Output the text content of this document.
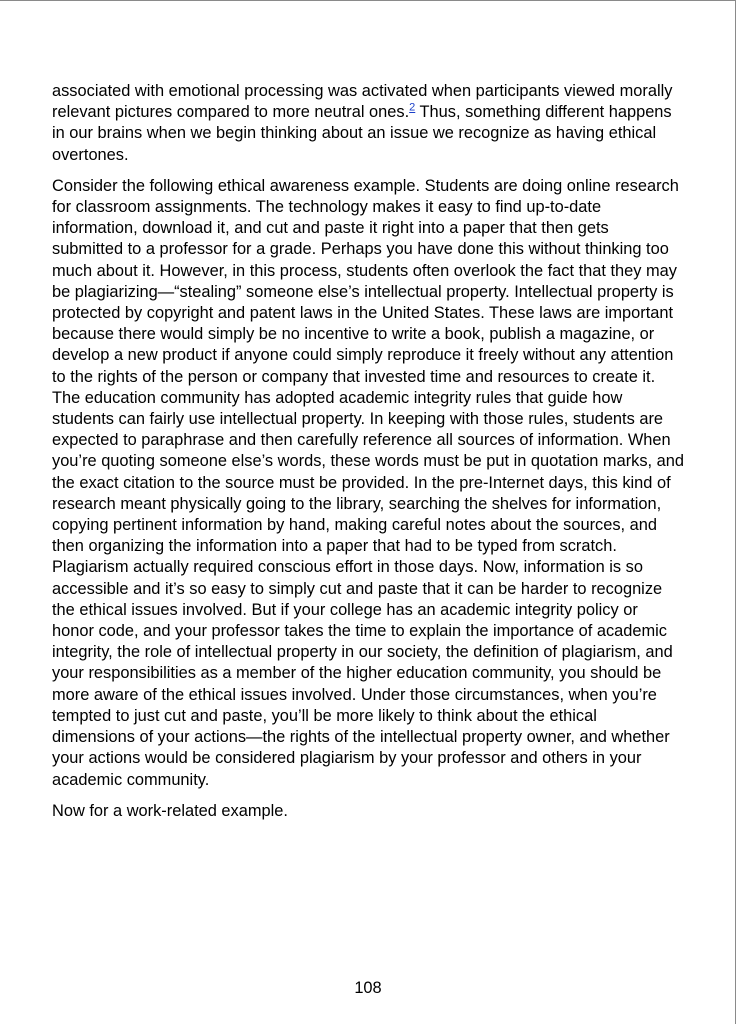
associated with emotional processing was activated when participants viewed morally relevant pictures compared to more neutral ones.$^2$ Thus, something different happens in our brains when we begin thinking about an issue we recognize as having ethical overtones.

Consider the following ethical awareness example. Students are doing online research for classroom assignments. The technology makes it easy to find up-to-date information, download it, and cut and paste it right into a paper that then gets submitted to a professor for a grade. Perhaps you have done this without thinking too much about it. However, in this process, students often overlook the fact that they may be plagiarizing—“stealing” someone else’s intellectual property. Intellectual property is protected by copyright and patent laws in the United States. These laws are important because there would simply be no incentive to write a book, publish a magazine, or develop a new product if anyone could simply reproduce it freely without any attention to the rights of the person or company that invested time and resources to create it. The education community has adopted academic integrity rules that guide how students can fairly use intellectual property. In keeping with those rules, students are expected to paraphrase and then carefully reference all sources of information. When you’re quoting someone else’s words, these words must be put in quotation marks, and the exact citation to the source must be provided. In the pre-Internet days, this kind of research meant physically going to the library, searching the shelves for information, copying pertinent information by hand, making careful notes about the sources, and then organizing the information into a paper that had to be typed from scratch. Plagiarism actually required conscious effort in those days. Now, information is so accessible and it’s so easy to simply cut and paste that it can be harder to recognize the ethical issues involved. But if your college has an academic integrity policy or honor code, and your professor takes the time to explain the importance of academic integrity, the role of intellectual property in our society, the definition of plagiarism, and your responsibilities as a member of the higher education community, you should be more aware of the ethical issues involved. Under those circumstances, when you’re tempted to just cut and paste, you’ll be more likely to think about the ethical dimensions of your actions—the rights of the intellectual property owner, and whether your actions would be considered plagiarism by your professor and others in your academic community.

Now for a work-related example.

108
